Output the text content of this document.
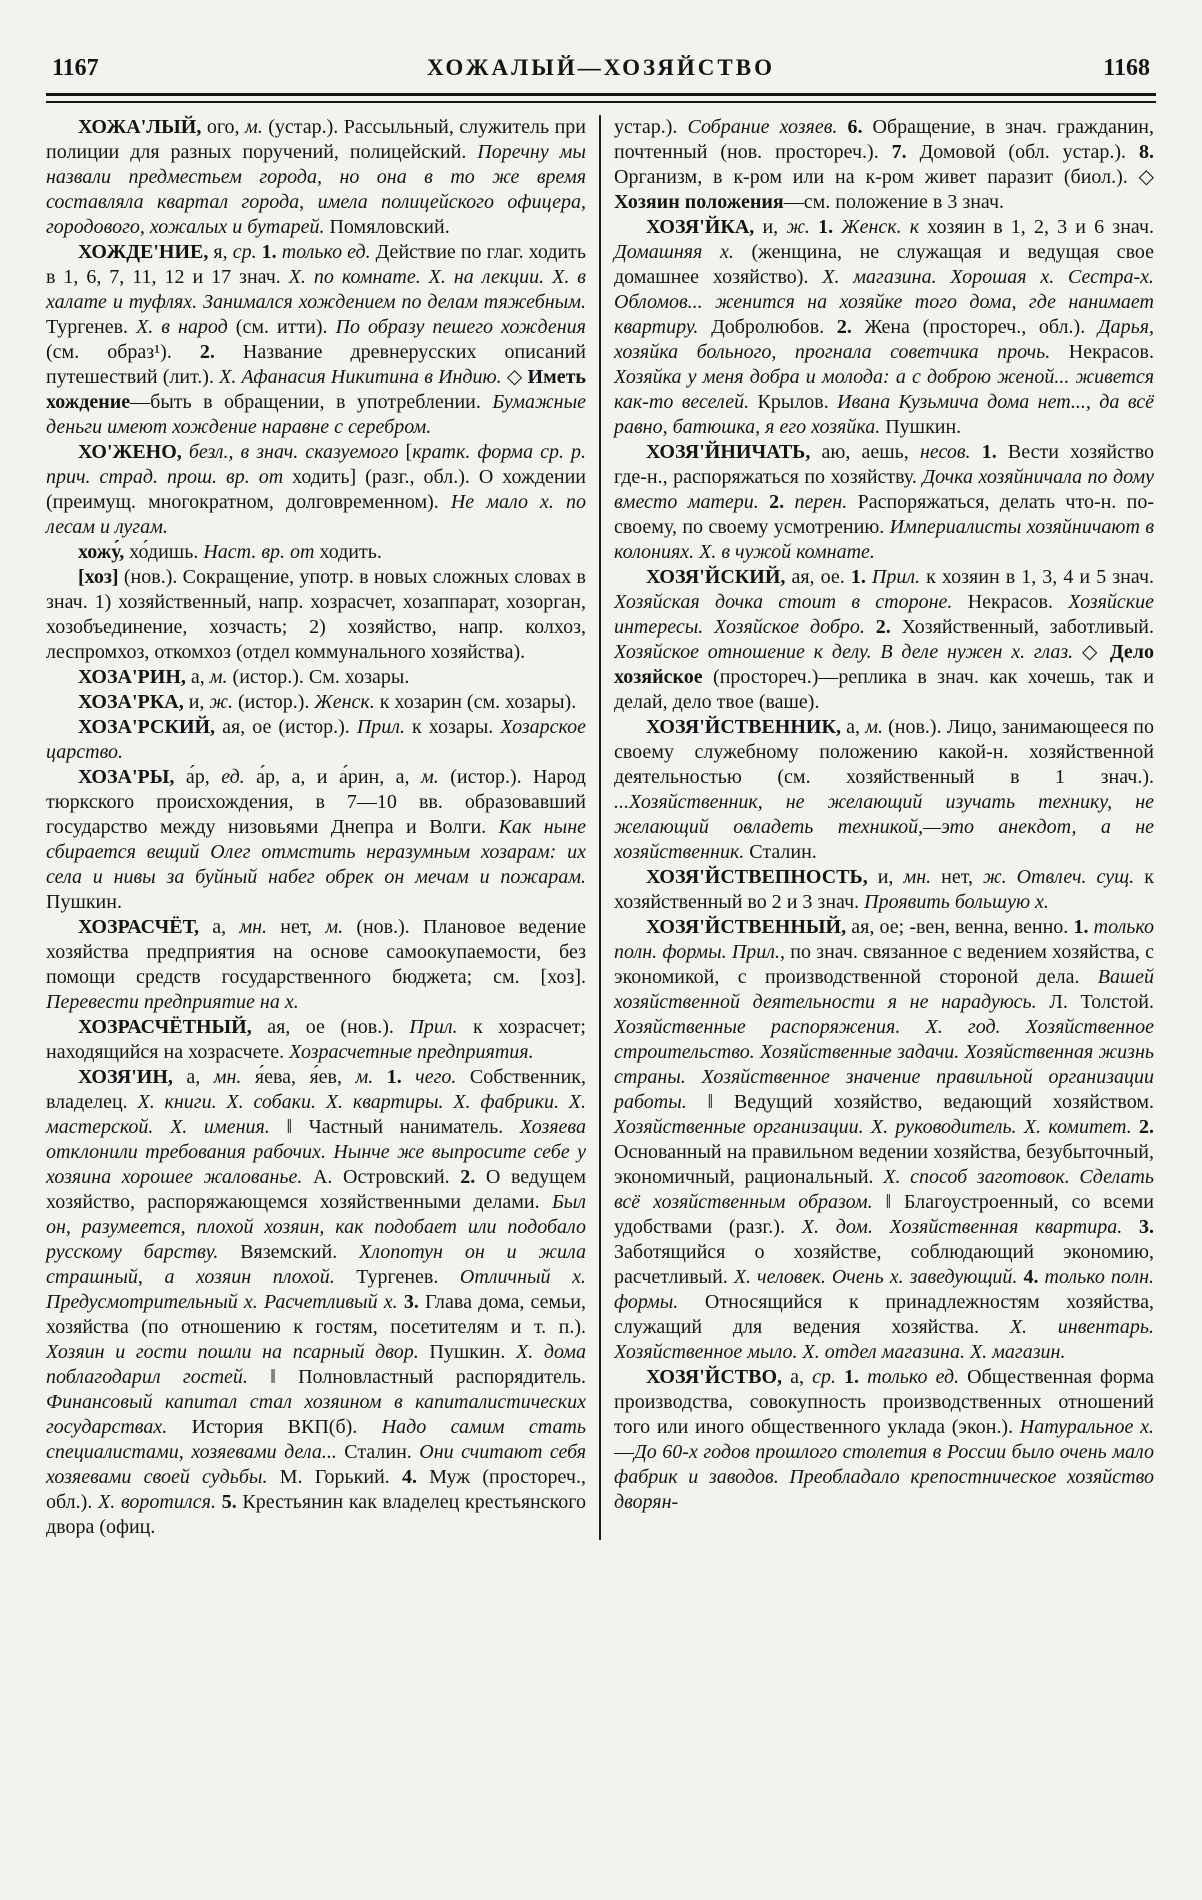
1167	ХОЖАЛЫЙ—ХОЗЯЙСТВО	1168

ХОЖА'ЛЫЙ, ого, м. (устар.). Рассыльный, служитель при полиции для разных поручений, полицейский. Поречну мы назвали предместьем города, но она в то же время составляла квартал города, имела полицейского офицера, городового, хожалых и бутарей. Помяловский.

ХОЖДЕ'НИЕ, я, ср. 1. только ед. Действие по глаг. ходить в 1, 6, 7, 11, 12 и 17 знач. Х. по комнате. Х. на лекции. Х. в халате и туфлях. Занимался хождением по делам тяжебным. Тургенев. Х. в народ (см. итти). По образу пешего хождения (см. образ¹). 2. Название древнерусских описаний путешествий (лит.). Х. Афанасия Никитина в Индию. ◇ Иметь хождение—быть в обращении, в употреблении. Бумажные деньги имеют хождение наравне с серебром.

ХО'ЖЕНО, безл., в знач. сказуемого [кратк. форма ср. р. прич. страд. прош. вр. от ходить] (разг., обл.). О хождении (преимущ. многократном, долговременном). Не мало х. по лесам и лугам.

хожу́, хо́дишь. Наст. вр. от ходить.

[хоз] (нов.). Сокращение, употр. в новых сложных словах в знач. 1) хозяйственный, напр. хозрасчет, хозаппарат, хозорган, хозобъединение, хозчасть; 2) хозяйство, напр. колхоз, леспромхоз, откомхоз (отдел коммунального хозяйства).

ХОЗА'РИН, а, м. (истор.). См. хозары.

ХОЗА'РКА, и, ж. (истор.). Женск. к хозарин (см. хозары).

ХОЗА'РСКИЙ, ая, ое (истор.). Прил. к хозары. Хозарское царство.

ХОЗА'РЫ, а́р, ед. а́р, а, и а́рин, а, м. (истор.). Народ тюркского происхождения, в 7—10 вв. образовавший государство между низовьями Днепра и Волги. Как ныне сбирается вещий Олег отмстить неразумным хозарам: их села и нивы за буйный набег обрек он мечам и пожарам. Пушкин.

ХОЗРАСЧЁТ, а, мн. нет, м. (нов.). Плановое ведение хозяйства предприятия на основе самоокупаемости, без помощи средств государственного бюджета; см. [хоз]. Перевести предприятие на х.

ХОЗРАСЧЁТНЫЙ, ая, ое (нов.). Прил. к хозрасчет; находящийся на хозрасчете. Хозрасчетные предприятия.

ХОЗЯ'ИН, а, мн. я́ева, я́ев, м. 1. чего. Собственник, владелец. Х. книги. Х. собаки. Х. квартиры. Х. фабрики. Х. мастерской. Х. имения. ‖ Частный наниматель. Хозяева отклонили требования рабочих. Нынче же выпросите себе у хозяина хорошее жалованье. А. Островский. 2. О ведущем хозяйство, распоряжающемся хозяйственными делами. Был он, разумеется, плохой хозяин, как подобает или подобало русскому барству. Вяземский. Хлопотун он и жила страшный, а хозяин плохой. Тургенев. Отличный х. Предусмотрительный х. Расчетливый х. 3. Глава дома, семьи, хозяйства (по отношению к гостям, посетителям и т. п.). Хозяин и гости пошли на псарный двор. Пушкин. Х. дома поблагодарил гостей. ‖ Полновластный распорядитель. Финансовый капитал стал хозяином в капиталистических государствах. История ВКП(б). Надо самим стать специалистами, хозяевами дела... Сталин. Они считают себя хозяевами своей судьбы. М. Горький. 4. Муж (простореч., обл.). Х. воротился. 5. Крестьянин как владелец крестьянского двора (офиц.

устар.). Собрание хозяев. 6. Обращение, в знач. гражданин, почтенный (нов. простореч.). 7. Домовой (обл. устар.). 8. Организм, в к-ром или на к-ром живет паразит (биол.). ◇ Хозяин положения—см. положение в 3 знач.

ХОЗЯ'ЙКА, и, ж. 1. Женск. к хозяин в 1, 2, 3 и 6 знач. Домашняя х. (женщина, не служащая и ведущая свое домашнее хозяйство). Х. магазина. Хорошая х. Сестра-х. Обломов... женится на хозяйке того дома, где нанимает квартиру. Добролюбов. 2. Жена (простореч., обл.). Дарья, хозяйка больного, прогнала советчика прочь. Некрасов. Хозяйка у меня добра и молода: а с доброю женой... живется как-то веселей. Крылов. Ивана Кузьмича дома нет..., да всё равно, батюшка, я его хозяйка. Пушкин.

ХОЗЯ'ЙНИЧАТЬ, аю, аешь, несов. 1. Вести хозяйство где-н., распоряжаться по хозяйству. Дочка хозяйничала по дому вместо матери. 2. перен. Распоряжаться, делать что-н. по-своему, по своему усмотрению. Империалисты хозяйничают в колониях. Х. в чужой комнате.

ХОЗЯ'ЙСКИЙ, ая, ое. 1. Прил. к хозяин в 1, 3, 4 и 5 знач. Хозяйская дочка стоит в стороне. Некрасов. Хозяйские интересы. Хозяйское добро. 2. Хозяйственный, заботливый. Хозяйское отношение к делу. В деле нужен х. глаз. ◇ Дело хозяйское (простореч.)—реплика в знач. как хочешь, так и делай, дело твое (ваше).

ХОЗЯ'ЙСТВЕННИК, а, м. (нов.). Лицо, занимающееся по своему служебному положению какой-н. хозяйственной деятельностью (см. хозяйственный в 1 знач.). ...Хозяйственник, не желающий изучать технику, не желающий овладеть техникой,—это анекдот, а не хозяйственник. Сталин.

ХОЗЯ'ЙСТВЕПНОСТЬ, и, мн. нет, ж. Отвлеч. сущ. к хозяйственный во 2 и 3 знач. Проявить большую х.

ХОЗЯ'ЙСТВЕННЫЙ, ая, ое; -вен, венна, венно. 1. только полн. формы. Прил., по знач. связанное с ведением хозяйства, с экономикой, с производственной стороной дела. Вашей хозяйственной деятельности я не нарадуюсь. Л. Толстой. Хозяйственные распоряжения. Х. год. Хозяйственное строительство. Хозяйственные задачи. Хозяйственная жизнь страны. Хозяйственное значение правильной организации работы. ‖ Ведущий хозяйство, ведающий хозяйством. Хозяйственные организации. Х. руководитель. Х. комитет. 2. Основанный на правильном ведении хозяйства, безубыточный, экономичный, рациональный. Х. способ заготовок. Сделать всё хозяйственным образом. ‖ Благоустроенный, со всеми удобствами (разг.). Х. дом. Хозяйственная квартира. 3. Заботящийся о хозяйстве, соблюдающий экономию, расчетливый. Х. человек. Очень х. заведующий. 4. только полн. формы. Относящийся к принадлежностям хозяйства, служащий для ведения хозяйства. Х. инвентарь. Хозяйственное мыло. Х. отдел магазина. Х. магазин.

ХОЗЯ'ЙСТВО, а, ср. 1. только ед. Общественная форма производства, совокупность производственных отношений того или иного общественного уклада (экон.). Натуральное х.—До 60-х годов прошлого столетия в России было очень мало фабрик и заводов. Преобладало крепостническое хозяйство дворян-
